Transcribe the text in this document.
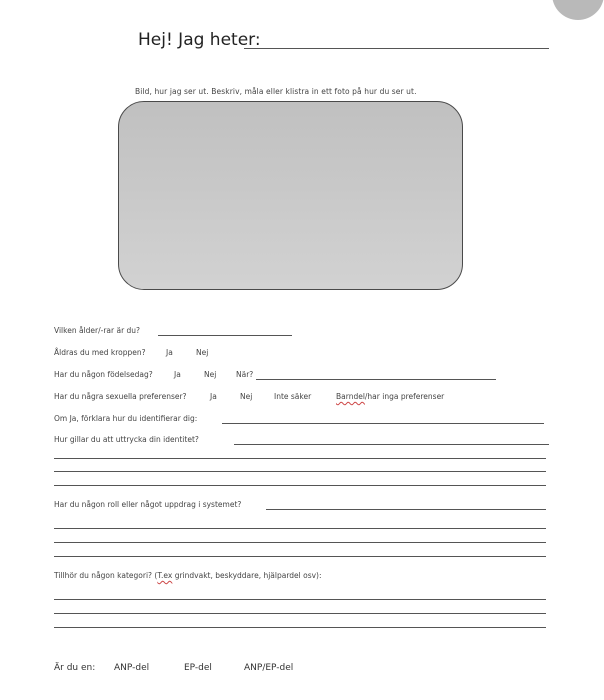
Hej! Jag heter:
Bild, hur jag ser ut. Beskriv, måla eller klistra in ett foto på hur du ser ut.
Vilken ålder/-rar är du?
Åldras du med kroppen?	Ja	Nej
Har du någon födelsedag?	Ja	Nej	När?
Har du några sexuella preferenser?	Ja	Nej	Inte säker	Barndel/har inga preferenser
Om Ja, förklara hur du identifierar dig:
Hur gillar du att uttrycka din identitet?
Har du någon roll eller något uppdrag i systemet?
Tillhör du någon kategori? (T.ex grindvakt, beskyddare, hjälpardel osv):
Är du en: ANP-del	EP-del	ANP/EP-del
